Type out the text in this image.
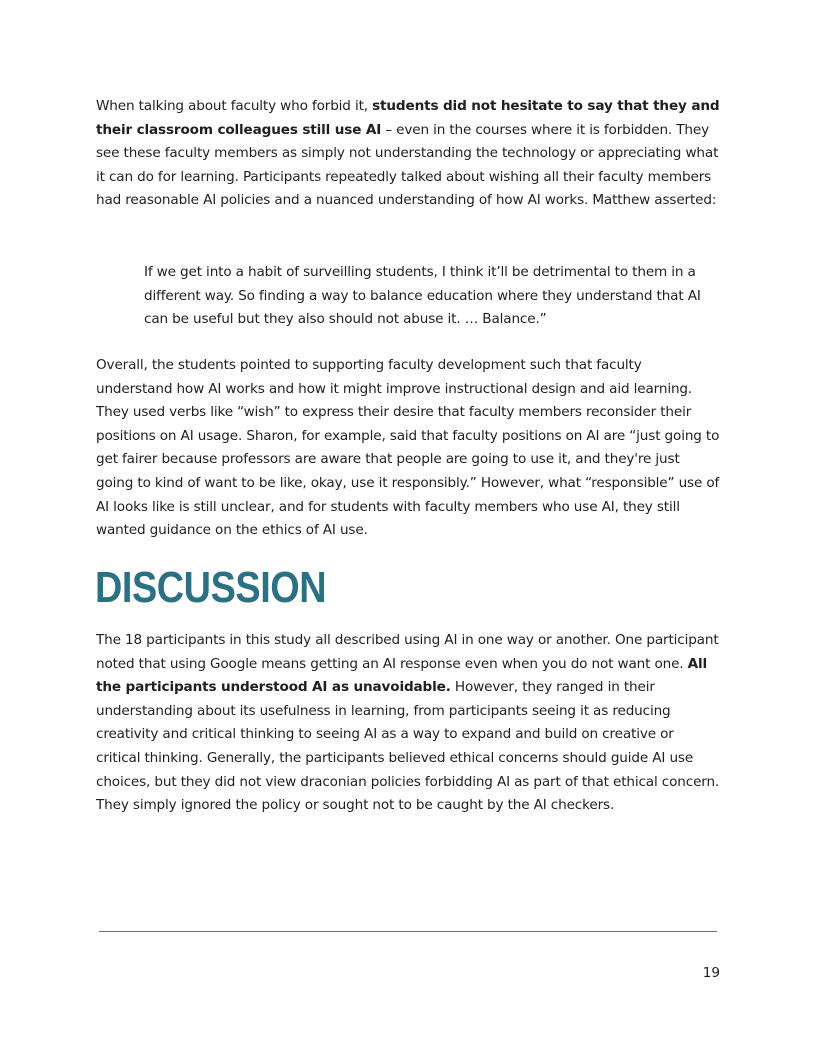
When talking about faculty who forbid it, students did not hesitate to say that they and their classroom colleagues still use AI – even in the courses where it is forbidden. They see these faculty members as simply not understanding the technology or appreciating what it can do for learning. Participants repeatedly talked about wishing all their faculty members had reasonable AI policies and a nuanced understanding of how AI works. Matthew asserted:

If we get into a habit of surveilling students, I think it’ll be detrimental to them in a different way. So finding a way to balance education where they understand that AI can be useful but they also should not abuse it. … Balance.”

Overall, the students pointed to supporting faculty development such that faculty understand how AI works and how it might improve instructional design and aid learning. They used verbs like “wish” to express their desire that faculty members reconsider their positions on AI usage. Sharon, for example, said that faculty positions on AI are “just going to get fairer because professors are aware that people are going to use it, and they're just going to kind of want to be like, okay, use it responsibly.” However, what “responsible” use of AI looks like is still unclear, and for students with faculty members who use AI, they still wanted guidance on the ethics of AI use.

DISCUSSION

The 18 participants in this study all described using AI in one way or another. One participant noted that using Google means getting an AI response even when you do not want one. All the participants understood AI as unavoidable. However, they ranged in their understanding about its usefulness in learning, from participants seeing it as reducing creativity and critical thinking to seeing AI as a way to expand and build on creative or critical thinking. Generally, the participants believed ethical concerns should guide AI use choices, but they did not view draconian policies forbidding AI as part of that ethical concern. They simply ignored the policy or sought not to be caught by the AI checkers.

19
